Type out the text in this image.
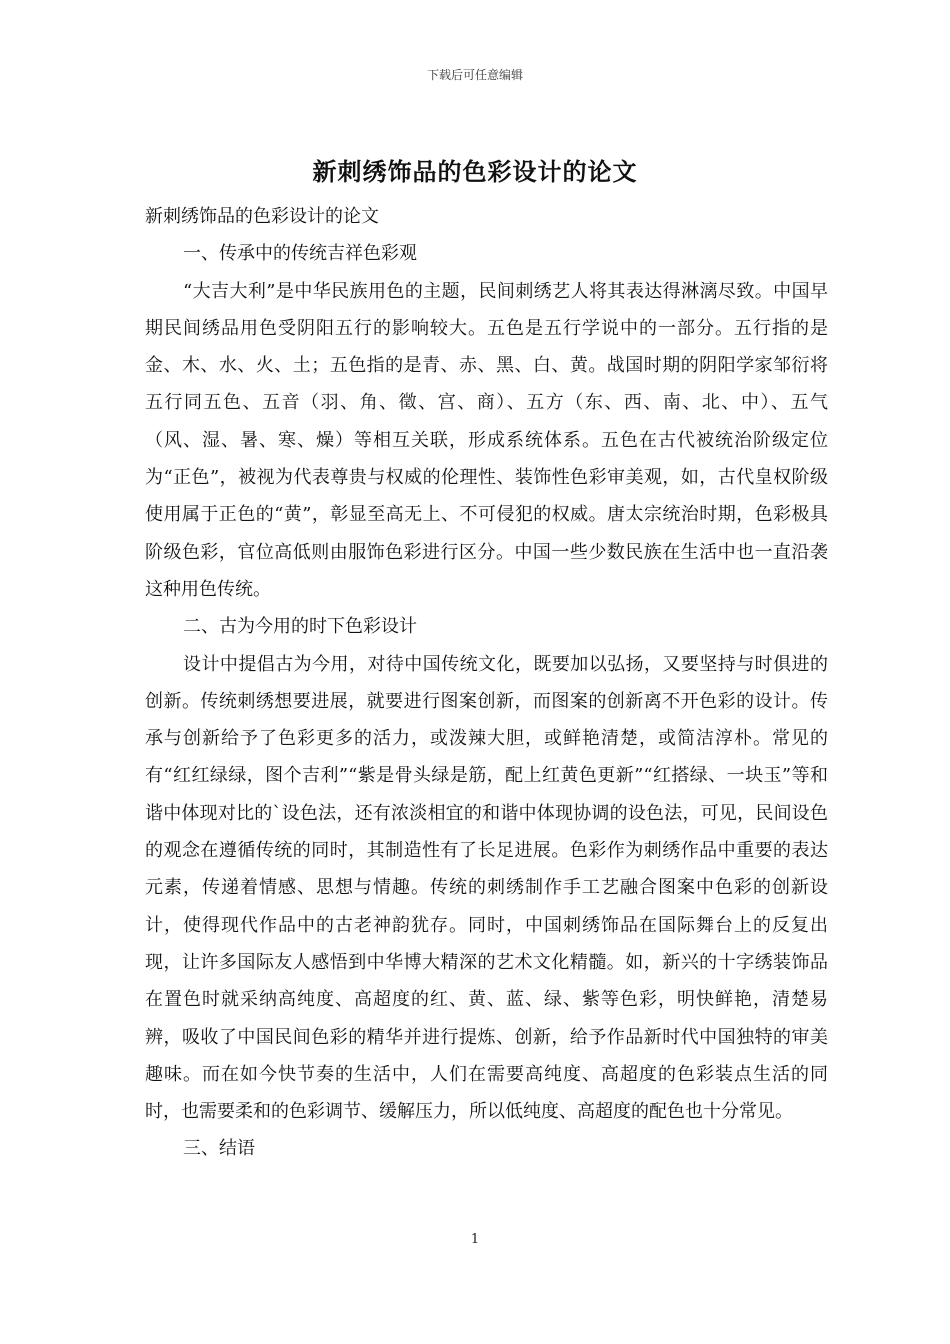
下载后可任意编辑
新刺绣饰品的色彩设计的论文

新刺绣饰品的色彩设计的论文

一、传承中的传统吉祥色彩观

“大吉大利”是中华民族用色的主题，民间刺绣艺人将其表达得淋漓尽致。中国早期民间绣品用色受阴阳五行的影响较大。五色是五行学说中的一部分。五行指的是金、木、水、火、土；五色指的是青、赤、黑、白、黄。战国时期的阴阳学家邹衍将五行同五色、五音（羽、角、徵、宫、商）、五方（东、西、南、北、中）、五气（风、湿、暑、寒、燥）等相互关联，形成系统体系。五色在古代被统治阶级定位为“正色”，被视为代表尊贵与权威的伦理性、装饰性色彩审美观，如，古代皇权阶级使用属于正色的“黄”，彰显至高无上、不可侵犯的权威。唐太宗统治时期，色彩极具阶级色彩，官位高低则由服饰色彩进行区分。中国一些少数民族在生活中也一直沿袭这种用色传统。

二、古为今用的时下色彩设计

设计中提倡古为今用，对待中国传统文化，既要加以弘扬，又要坚持与时俱进的创新。传统刺绣想要进展，就要进行图案创新，而图案的创新离不开色彩的设计。传承与创新给予了色彩更多的活力，或泼辣大胆，或鲜艳清楚，或简洁淳朴。常见的有“红红绿绿，图个吉利”“紫是骨头绿是筋，配上红黄色更新”“红搭绿、一块玉”等和谐中体现对比的`设色法，还有浓淡相宜的和谐中体现协调的设色法，可见，民间设色的观念在遵循传统的同时，其制造性有了长足进展。色彩作为刺绣作品中重要的表达元素，传递着情感、思想与情趣。传统的刺绣制作手工艺融合图案中色彩的创新设计，使得现代作品中的古老神韵犹存。同时，中国刺绣饰品在国际舞台上的反复出现，让许多国际友人感悟到中华博大精深的艺术文化精髓。如，新兴的十字绣装饰品在置色时就采纳高纯度、高超度的红、黄、蓝、绿、紫等色彩，明快鲜艳，清楚易辨，吸收了中国民间色彩的精华并进行提炼、创新，给予作品新时代中国独特的审美趣味。而在如今快节奏的生活中，人们在需要高纯度、高超度的色彩装点生活的同时，也需要柔和的色彩调节、缓解压力，所以低纯度、高超度的配色也十分常见。

三、结语

1
